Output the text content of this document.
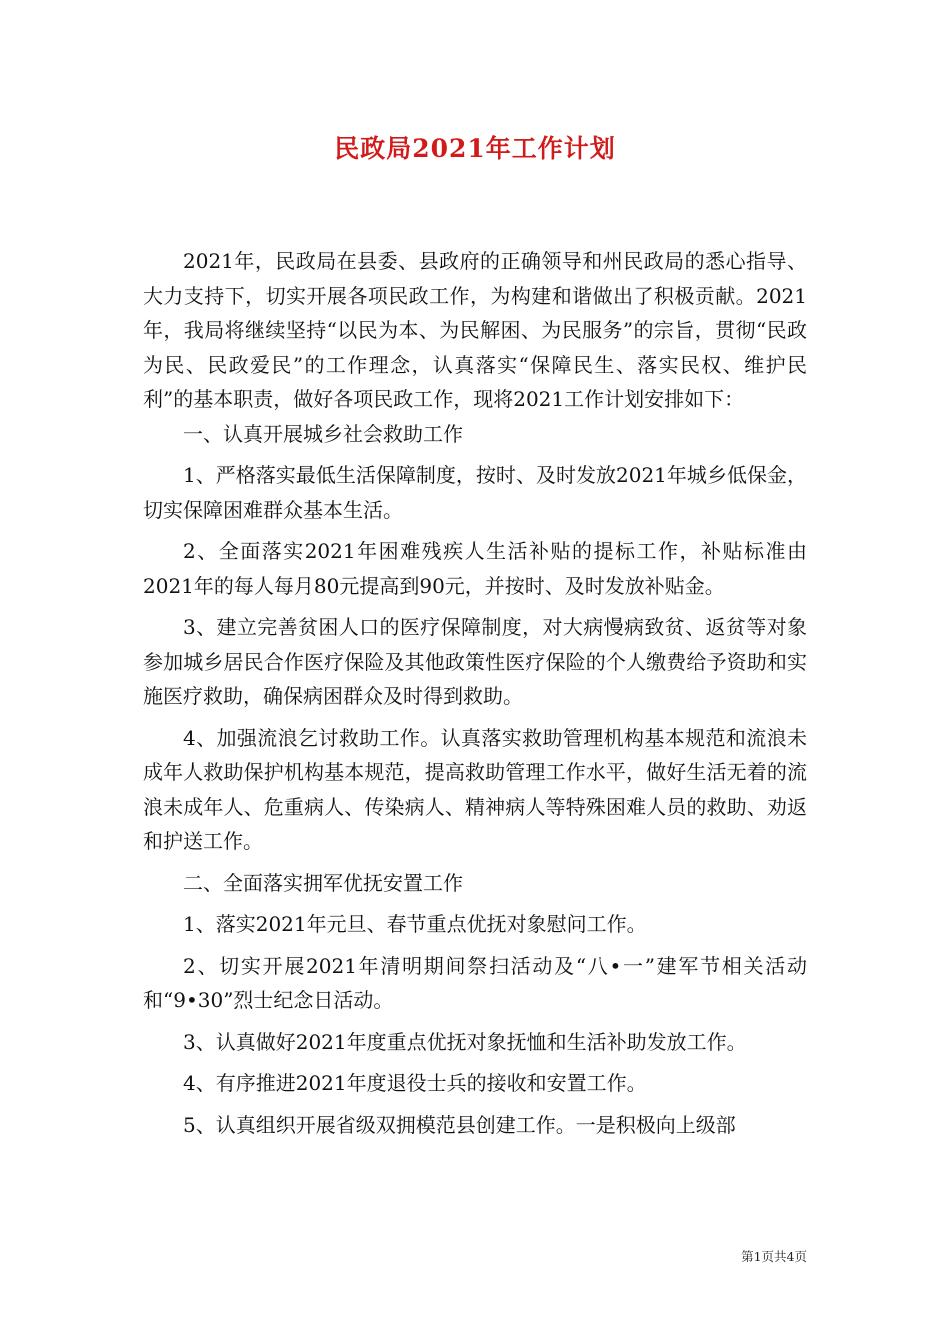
民政局2021年工作计划

2021年，民政局在县委、县政府的正确领导和州民政局的悉心指导、大力支持下，切实开展各项民政工作，为构建和谐做出了积极贡献。2021年，我局将继续坚持“以民为本、为民解困、为民服务”的宗旨，贯彻“民政为民、民政爱民”的工作理念，认真落实“保障民生、落实民权、维护民利”的基本职责，做好各项民政工作，现将2021工作计划安排如下：

一、认真开展城乡社会救助工作

1、严格落实最低生活保障制度，按时、及时发放2021年城乡低保金，切实保障困难群众基本生活。

2、全面落实2021年困难残疾人生活补贴的提标工作，补贴标准由2021年的每人每月80元提高到90元，并按时、及时发放补贴金。

3、建立完善贫困人口的医疗保障制度，对大病慢病致贫、返贫等对象参加城乡居民合作医疗保险及其他政策性医疗保险的个人缴费给予资助和实施医疗救助，确保病困群众及时得到救助。

4、加强流浪乞讨救助工作。认真落实救助管理机构基本规范和流浪未成年人救助保护机构基本规范，提高救助管理工作水平，做好生活无着的流浪未成年人、危重病人、传染病人、精神病人等特殊困难人员的救助、劝返和护送工作。

二、全面落实拥军优抚安置工作

1、落实2021年元旦、春节重点优抚对象慰问工作。

2、切实开展2021年清明期间祭扫活动及“八•一”建军节相关活动和“9•30”烈士纪念日活动。

3、认真做好2021年度重点优抚对象抚恤和生活补助发放工作。

4、有序推进2021年度退役士兵的接收和安置工作。

5、认真组织开展省级双拥模范县创建工作。一是积极向上级部

第1页共4页
